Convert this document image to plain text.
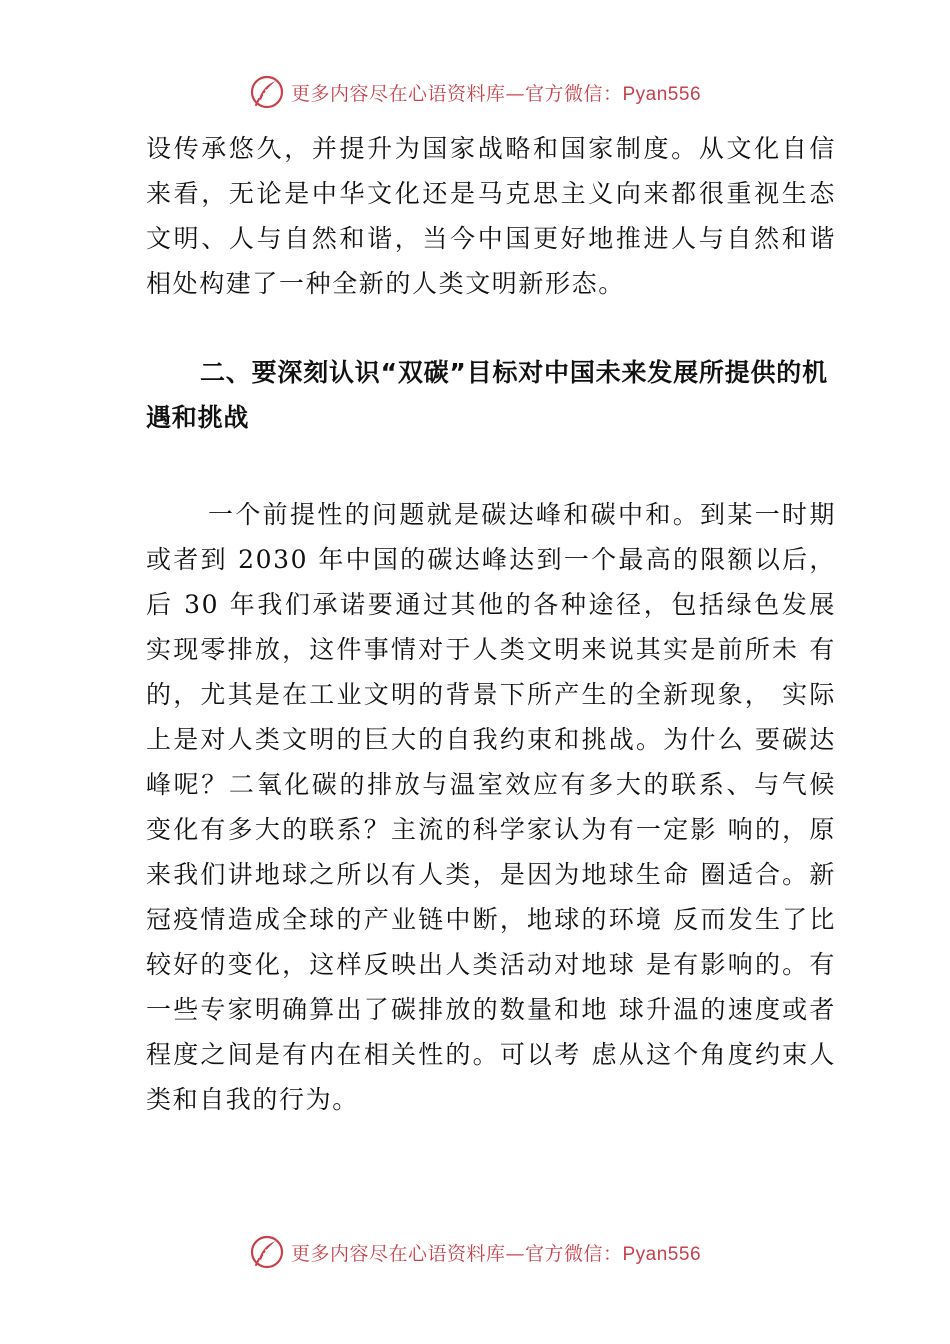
更多内容尽在心语资料库—官方微信：Pyan556

设传承悠久，并提升为国家战略和国家制度。从文化自信来看，无论是中华文化还是马克思主义向来都很重视生态文明、人与自然和谐，当今中国更好地推进人与自然和谐相处构建了一种全新的人类文明新形态。

二、要深刻认识“双碳”目标对中国未来发展所提供的机遇和挑战

一个前提性的问题就是碳达峰和碳中和。到某一时期或者到 2030 年中国的碳达峰达到一个最高的限额以后，后 30 年我们承诺要通过其他的各种途径，包括绿色发展实现零排放，这件事情对于人类文明来说其实是前所未 有的，尤其是在工业文明的背景下所产生的全新现象， 实际上是对人类文明的巨大的自我约束和挑战。为什么 要碳达峰呢？二氧化碳的排放与温室效应有多大的联系、与气候变化有多大的联系？主流的科学家认为有一定影 响的，原来我们讲地球之所以有人类，是因为地球生命 圈适合。新冠疫情造成全球的产业链中断，地球的环境 反而发生了比较好的变化，这样反映出人类活动对地球 是有影响的。有一些专家明确算出了碳排放的数量和地 球升温的速度或者程度之间是有内在相关性的。可以考 虑从这个角度约束人类和自我的行为。

更多内容尽在心语资料库—官方微信：Pyan556
